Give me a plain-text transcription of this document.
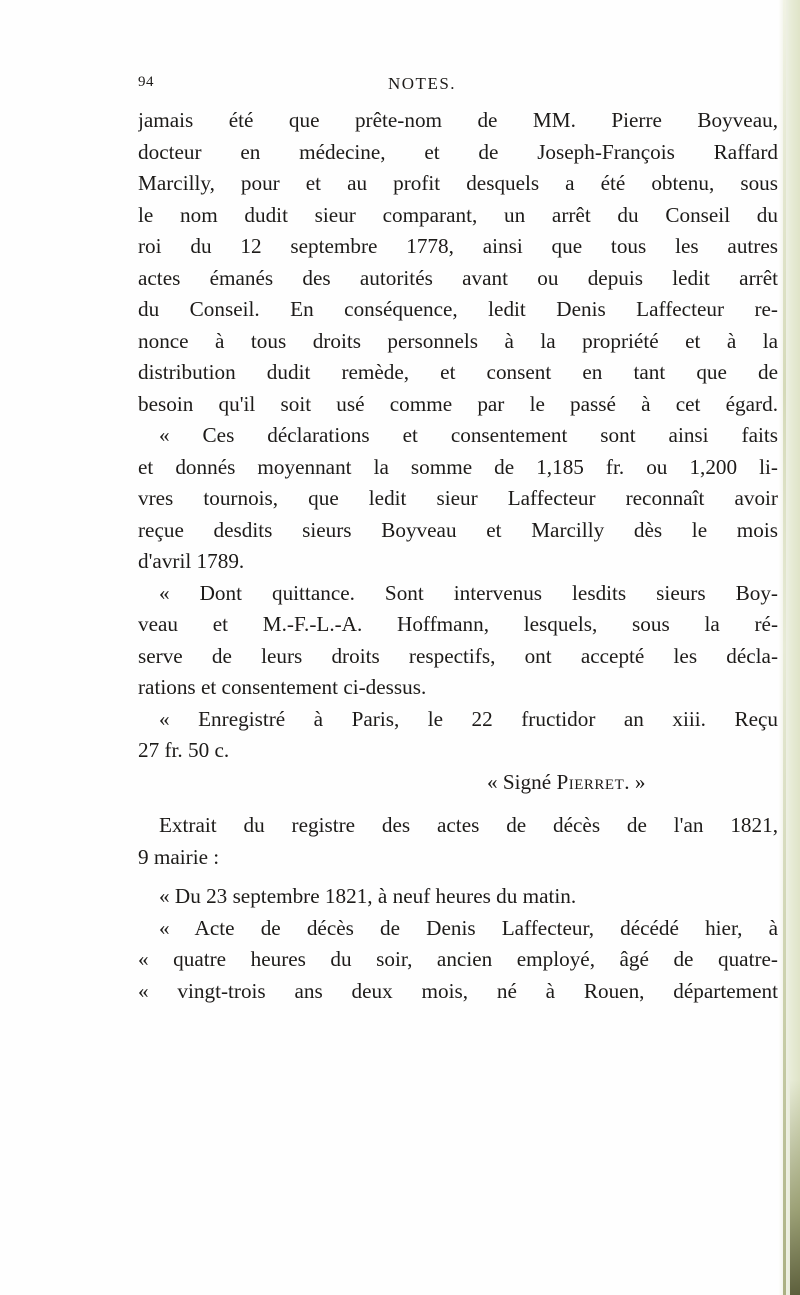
94	NOTES.
jamais été que prête-nom de MM. Pierre Boyveau,
docteur en médecine, et de Joseph-François Raffard
Marcilly, pour et au profit desquels a été obtenu, sous
le nom dudit sieur comparant, un arrêt du Conseil du
roi du 12 septembre 1778, ainsi que tous les autres
actes émanés des autorités avant ou depuis ledit arrêt
du Conseil. En conséquence, ledit Denis Laffecteur re-
nonce à tous droits personnels à la propriété et à la
distribution dudit remède, et consent en tant que de
besoin qu'il soit usé comme par le passé à cet égard.
« Ces déclarations et consentement sont ainsi faits
et donnés moyennant la somme de 1,185 fr. ou 1,200 li-
vres tournois, que ledit sieur Laffecteur reconnaît avoir
reçue desdits sieurs Boyveau et Marcilly dès le mois
d'avril 1789.
« Dont quittance. Sont intervenus lesdits sieurs Boy-
veau et M.-F.-L.-A. Hoffmann, lesquels, sous la ré-
serve de leurs droits respectifs, ont accepté les décla-
rations et consentement ci-dessus.
« Enregistré à Paris, le 22 fructidor an xiii. Reçu
27 fr. 50 c.
« Signé Pierret. »
Extrait du registre des actes de décès de l'an 1821,
9 mairie :
« Du 23 septembre 1821, à neuf heures du matin.
« Acte de décès de Denis Laffecteur, décédé hier, à
« quatre heures du soir, ancien employé, âgé de quatre-
« vingt-trois ans deux mois, né à Rouen, département
